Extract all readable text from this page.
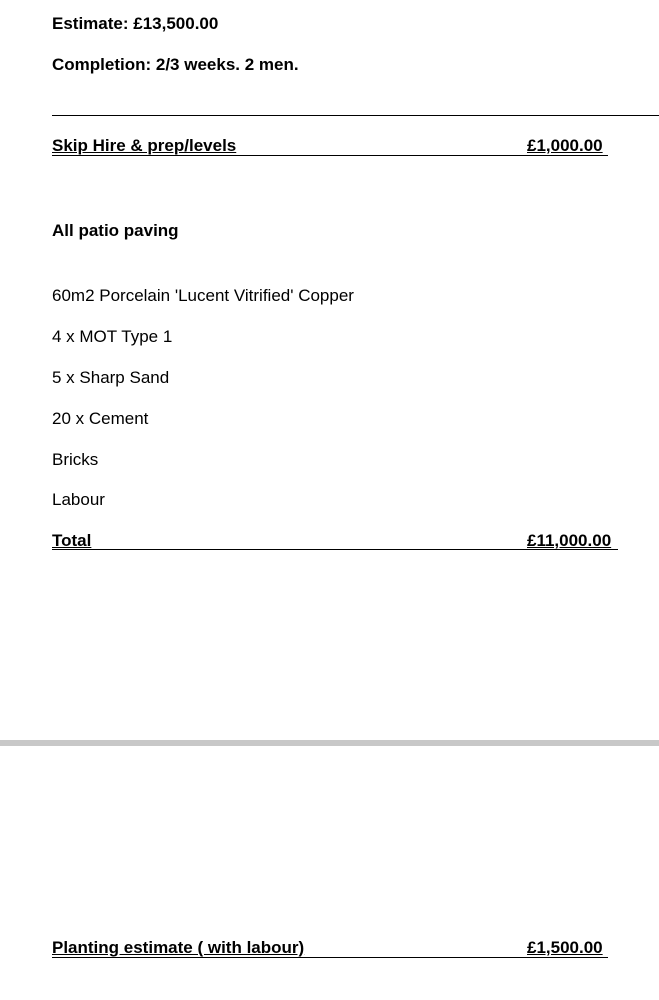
Estimate: £13,500.00
Completion: 2/3 weeks. 2 men.
Skip Hire & prep/levels	£1,000.00
All patio paving
60m2 Porcelain 'Lucent Vitrified' Copper
4 x MOT Type 1
5 x Sharp Sand
20 x Cement
Bricks
Labour
Total	£11,000.00
Planting estimate ( with labour)	£1,500.00
